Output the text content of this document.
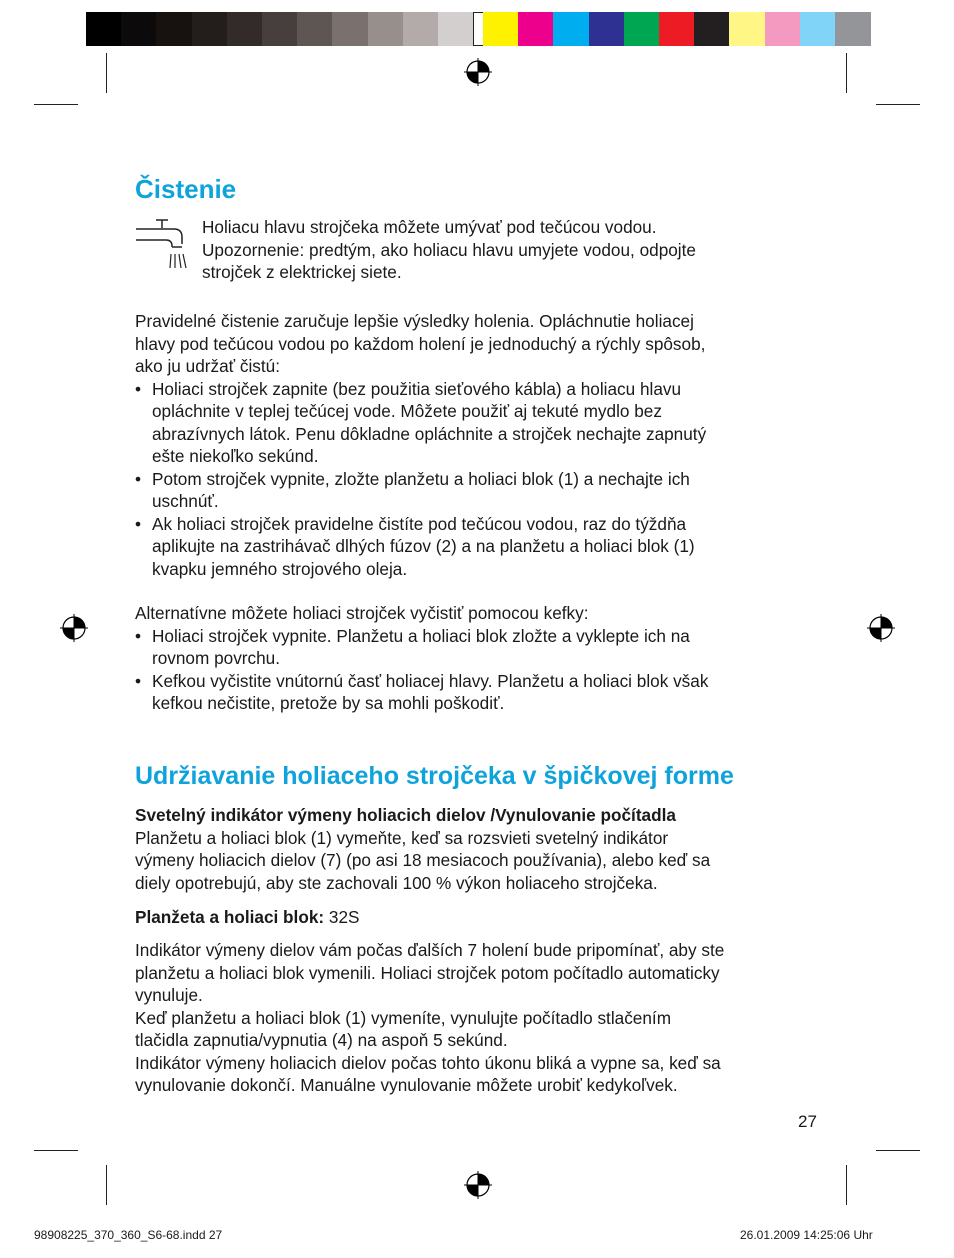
Čistenie

Holiacu hlavu strojčeka môžete umývať pod tečúcou vodou.

Upozornenie: predtým, ako holiacu hlavu umyjete vodou, odpojte

strojček z elektrickej siete.

Pravidelné čistenie zaručuje lepšie výsledky holenia. Opláchnutie holiacej

hlavy pod tečúcou vodou po každom holení je jednoduchý a rýchly spôsob,

ako ju udržať čistú:

• Holiaci strojček zapnite (bez použitia sieťového kábla) a holiacu hlavu

opláchnite v teplej tečúcej vode. Môžete použiť aj tekuté mydlo bez

abrazívnych látok. Penu dôkladne opláchnite a strojček nechajte zapnutý

ešte niekoľko sekúnd.

• Potom strojček vypnite, zložte planžetu a holiaci blok (1) a nechajte ich

uschnúť.

• Ak holiaci strojček pravidelne čistíte pod tečúcou vodou, raz do týždňa

aplikujte na zastrihávač dlhých fúzov (2) a na planžetu a holiaci blok (1)

kvapku jemného strojového oleja.

Alternatívne môžete holiaci strojček vyčistiť pomocou kefky:

• Holiaci strojček vypnite. Planžetu a holiaci blok zložte a vyklepte ich na

rovnom povrchu.

• Kefkou vyčistite vnútornú časť holiacej hlavy. Planžetu a holiaci blok však

kefkou nečistite, pretože by sa mohli poškodiť.

Udržiavanie holiaceho strojčeka v špičkovej forme

Svetelný indikátor výmeny holiacich dielov /Vynulovanie počítadla

Planžetu a holiaci blok (1) vymeňte, keď sa rozsvieti svetelný indikátor

výmeny holiacich dielov (7) (po asi 18 mesiacoch používania), alebo keď sa

diely opotrebujú, aby ste zachovali 100 % výkon holiaceho strojčeka.

Planžeta a holiaci blok: 32S

Indikátor výmeny dielov vám počas ďalších 7 holení bude pripomínať, aby ste

planžetu a holiaci blok vymenili. Holiaci strojček potom počítadlo automaticky

vynuluje.

Keď planžetu a holiaci blok (1) vymeníte, vynulujte počítadlo stlačením

tlačidla zapnutia/vypnutia (4) na aspoň 5 sekúnd.

Indikátor výmeny holiacich dielov počas tohto úkonu bliká a vypne sa, keď sa

vynulovanie dokončí. Manuálne vynulovanie môžete urobiť kedykoľvek.

27
98908225_370_360_S6-68.indd 27	26.01.2009 14:25:06 Uhr
